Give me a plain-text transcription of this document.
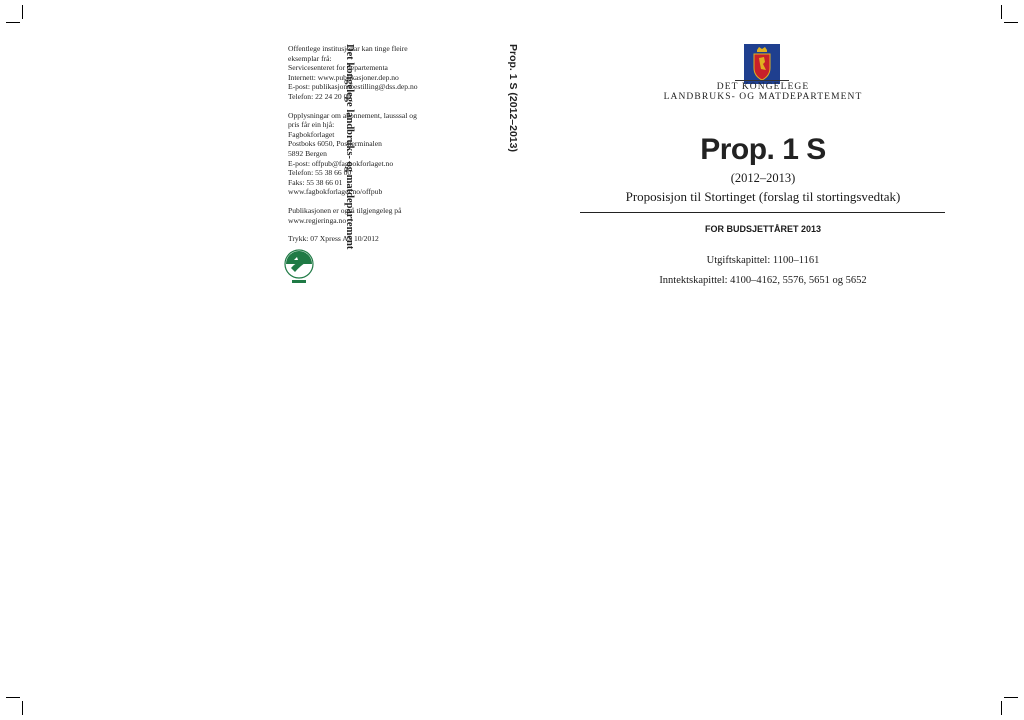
Offentlege institusjonar kan tinge fleire
eksemplar frå:
Servicesenteret for departementa
Internett: www.publikasjoner.dep.no
E-post: publikasjonsbestilling@dss.dep.no
Telefon: 22 24 20 00
Opplysningar om abonnement, lausssal og
pris får ein hjå:
Fagbokforlaget
Postboks 6050, Postterminalen
5892 Bergen
E-post: offpub@fagbokforlaget.no
Telefon: 55 38 66 00
Faks: 55 38 66 01
www.fagbokforlaget.no/offpub
Publikasjonen er også tilgjengeleg på
www.regjeringa.no
Trykk: 07 Xpress AS 10/2012
Prop. 1 S (2012–2013)
Det kongelege landbruks- og matdepartement	DET KONGELEGE
LANDBRUKS- OG MATDEPARTEMENT
Prop. 1 S
(2012–2013)
Proposisjon til Stortinget (forslag til stortingsvedtak)
FOR BUDSJETTÅRET 2013
Utgiftskapittel: 1100–1161
Inntektskapittel: 4100–4162, 5576, 5651 og 5652
